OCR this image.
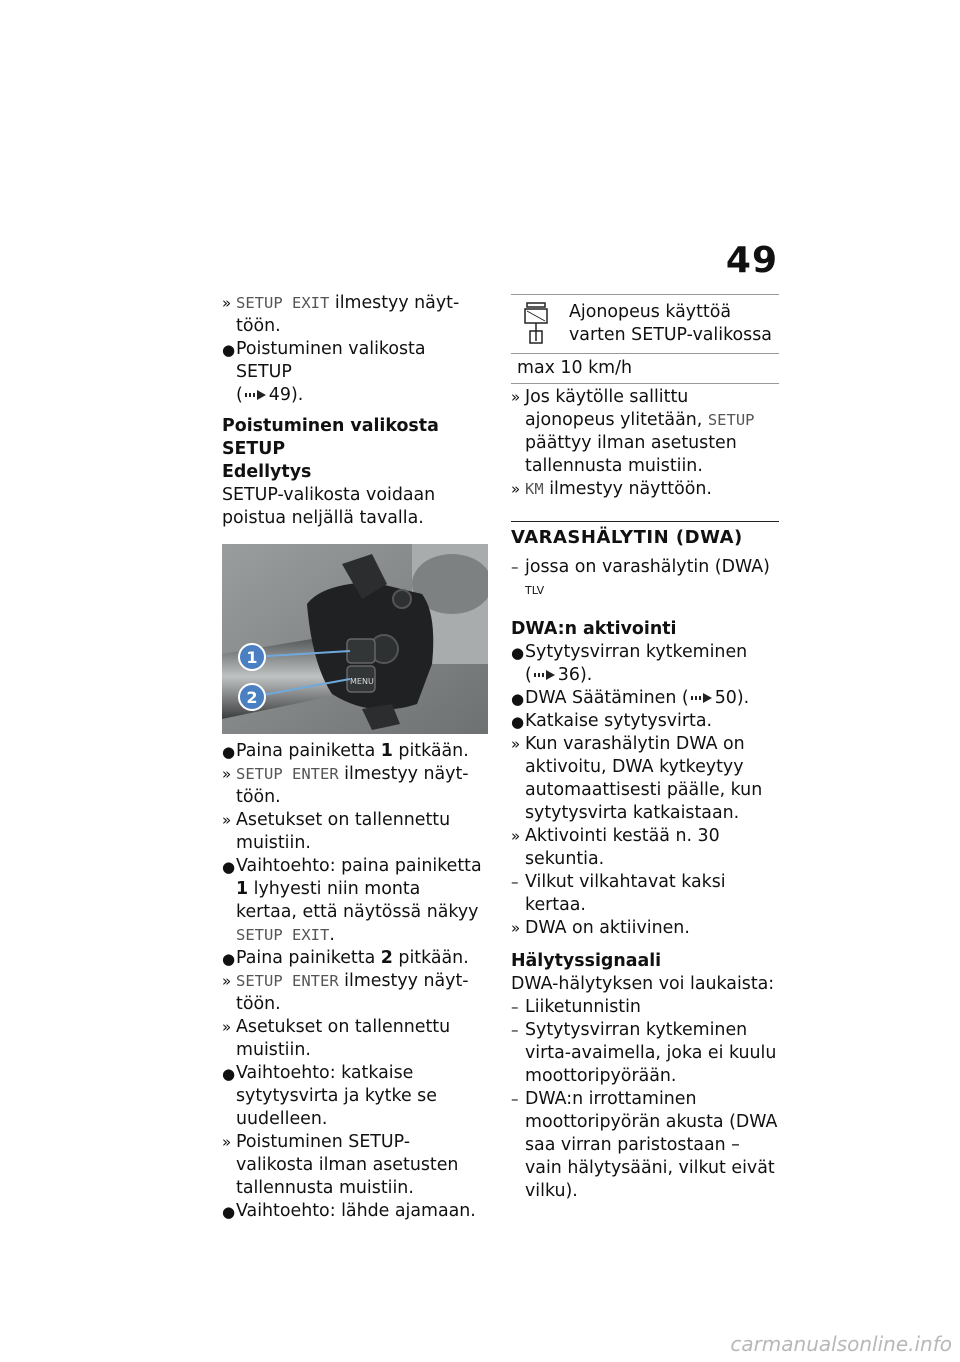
49
» SETUP EXIT ilmestyy näyt-
töön.
● Poistuminen valikosta SETUP
( 49).
Poistuminen valikosta SETUP
Edellytys

SETUP-valikosta voidaan poistua neljällä tavalla.

MENU
1
2
● Paina painiketta 1 pitkään.
» SETUP ENTER ilmestyy näyt-töön.
» Asetukset on tallennettu muistiin.
● Vaihtoehto: paina painiketta 1 lyhyesti niin monta kertaa, että näytössä näkyy SETUP EXIT.
● Paina painiketta 2 pitkään.
» SETUP ENTER ilmestyy näyt-töön.
» Asetukset on tallennettu muistiin.
● Vaihtoehto: katkaise sytytysvirta ja kytke se uudelleen.
» Poistuminen SETUP-valikosta ilman asetusten tallennusta muistiin.
● Vaihtoehto: lähde ajamaan.
Ajonopeus käyttöä varten SETUP-valikossa
max 10 km/h
» Jos käytölle sallittu ajonopeus ylitetään, SETUP päättyy ilman asetusten tallennusta muistiin.
» KM ilmestyy näyttöön.
VARASHÄLYTIN (DWA)
– jossa on varashälytin (DWA) $^{TLV}$
DWA:n aktivointi
● Sytytysvirran kytkeminen
( 36).
● DWA Säätäminen ( 50).
● Katkaise sytytysvirta.
» Kun varashälytin DWA on aktivoitu, DWA kytkeytyy automaattisesti päälle, kun sytytysvirta katkaistaan.
» Aktivointi kestää n. 30 sekuntia.
– Vilkut vilkahtavat kaksi kertaa.
» DWA on aktiivinen.
Hälytyssignaali

DWA-hälytyksen voi laukaista:

– Liiketunnistin
– Sytytysvirran kytkeminen virta-avaimella, joka ei kuulu moottoripyörään.
– DWA:n irrottaminen moottoripyörän akusta (DWA saa virran paristostaan – vain hälytysääni, vilkut eivät vilku).
carmanualsonline.info
